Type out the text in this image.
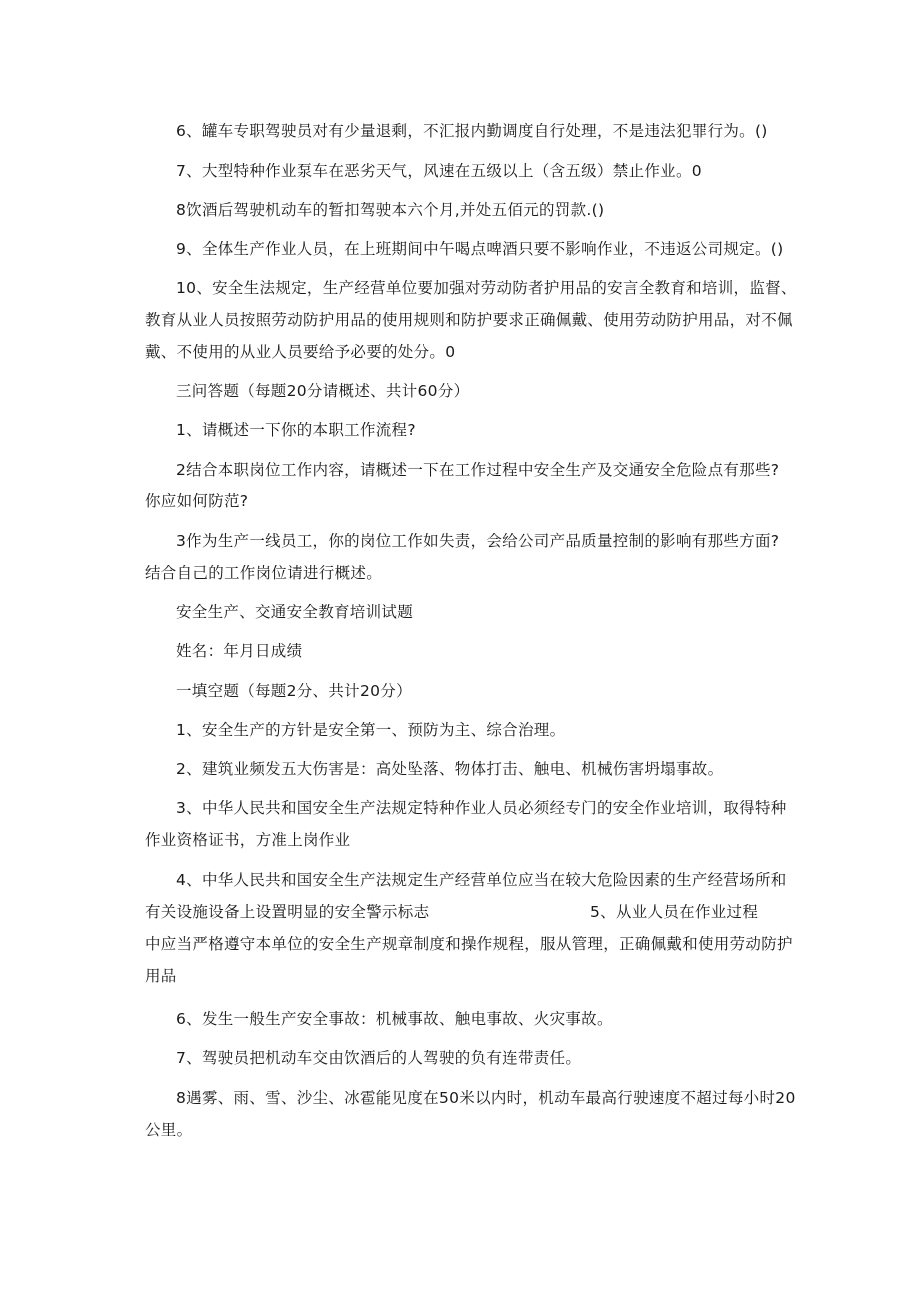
6、罐车专职驾驶员对有少量退剩，不汇报内勤调度自行处理，不是违法犯罪行为。()
7、大型特种作业泵车在恶劣天气，风速在五级以上（含五级）禁止作业。0
8饮酒后驾驶机动车的暂扣驾驶本六个月,并处五佰元的罚款.()
9、全体生产作业人员，在上班期间中午喝点啤酒只要不影响作业，不违返公司规定。()
10、安全生法规定，生产经营单位要加强对劳动防者护用品的安言全教育和培训，监督、
教育从业人员按照劳动防护用品的使用规则和防护要求正确佩戴、使用劳动防护用品，对不佩
戴、不使用的从业人员要给予必要的处分。0
三问答题（每题20分请概述、共计60分）
1、请概述一下你的本职工作流程?
2结合本职岗位工作内容，请概述一下在工作过程中安全生产及交通安全危险点有那些?
你应如何防范?
3作为生产一线员工，你的岗位工作如失责，会给公司产品质量控制的影响有那些方面?
结合自己的工作岗位请进行概述。
安全生产、交通安全教育培训试题
姓名：年月日成绩
一填空题（每题2分、共计20分）
1、安全生产的方针是安全第一、预防为主、综合治理。
2、建筑业频发五大伤害是：高处坠落、物体打击、触电、机械伤害坍塌事故。
3、中华人民共和国安全生产法规定特种作业人员必须经专门的安全作业培训，取得特种
作业资格证书，方准上岗作业
4、中华人民共和国安全生产法规定生产经营单位应当在较大危险因素的生产经营场所和
有关设施设备上设置明显的安全警示标志	5、从业人员在作业过程
中应当严格遵守本单位的安全生产规章制度和操作规程，服从管理，正确佩戴和使用劳动防护
用品
6、发生一般生产安全事故：机械事故、触电事故、火灾事故。
7、驾驶员把机动车交由饮酒后的人驾驶的负有连带责任。
8遇雾、雨、雪、沙尘、冰雹能见度在50米以内时，机动车最高行驶速度不超过每小时20
公里。
